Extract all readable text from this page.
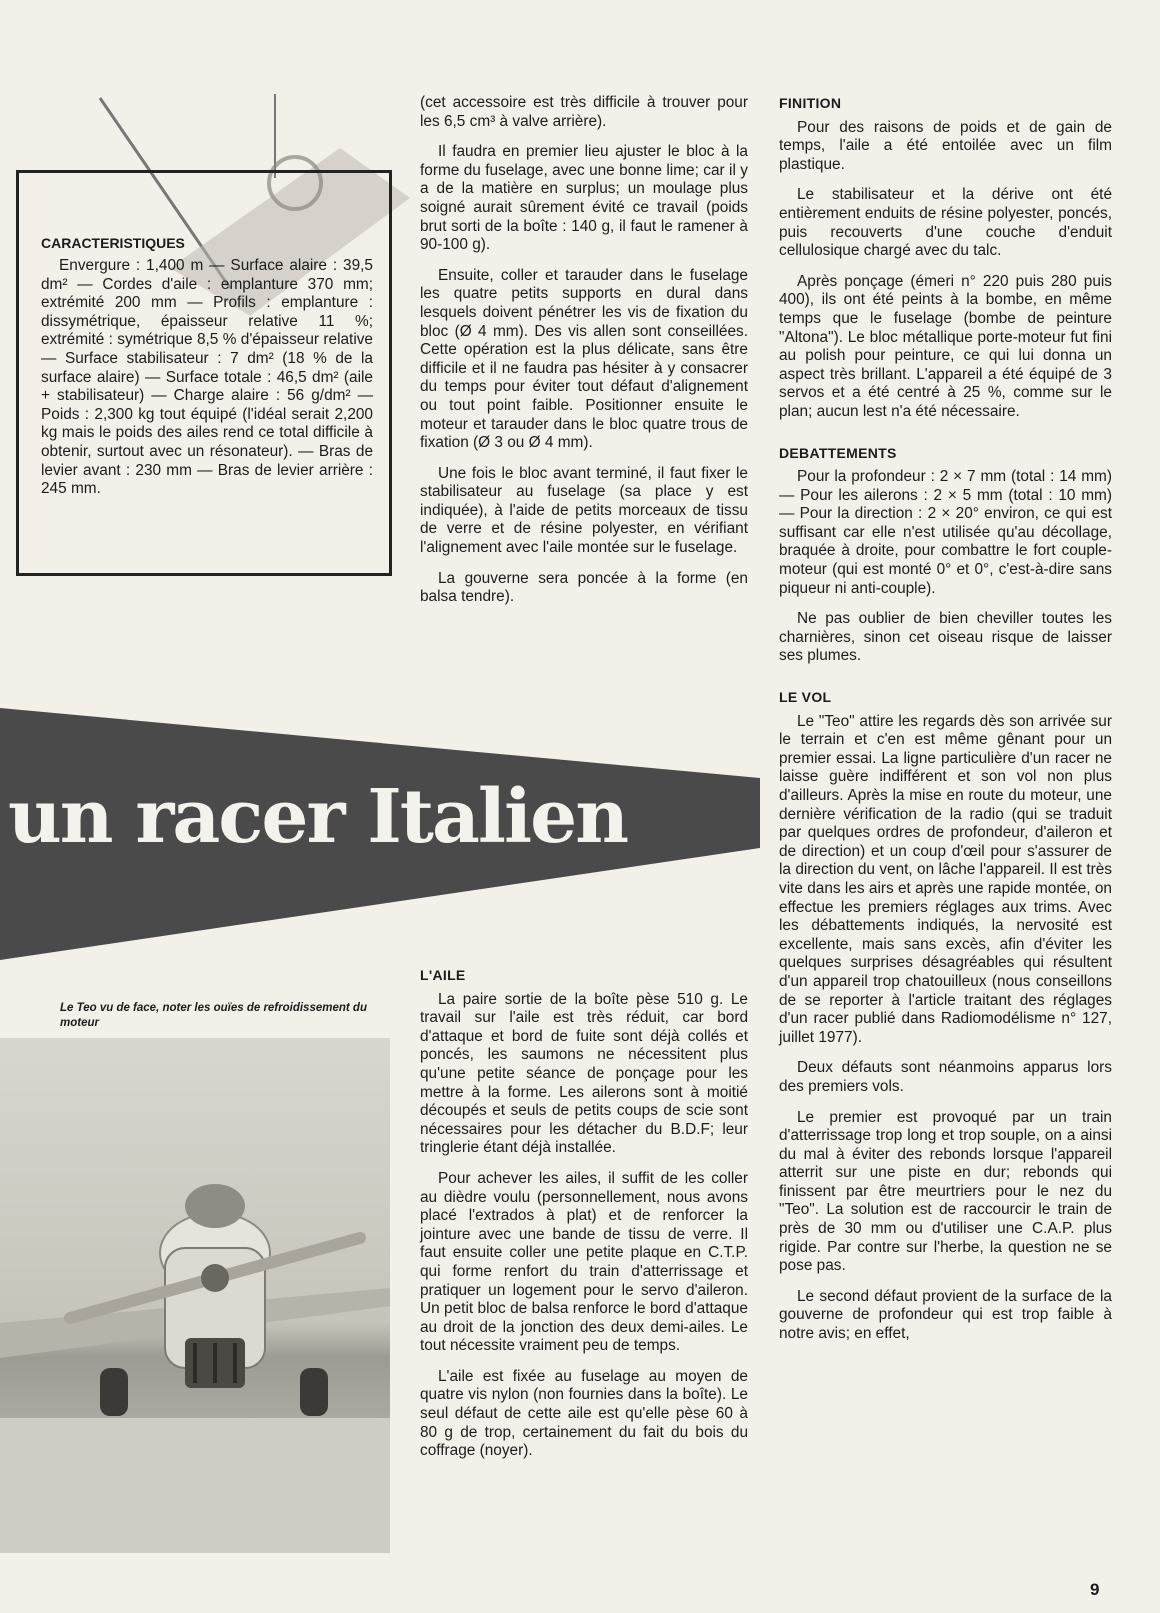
CARACTERISTIQUES

Envergure : 1,400 m — Surface alaire : 39,5 dm² — Cordes d'aile : emplanture 370 mm; extrémité 200 mm — Profils : emplanture : dissymétrique, épaisseur relative 11 %; extrémité : symétrique 8,5 % d'épaisseur relative — Surface stabilisateur : 7 dm² (18 % de la surface alaire) — Surface totale : 46,5 dm² (aile + stabilisateur) — Charge alaire : 56 g/dm² — Poids : 2,300 kg tout équipé (l'idéal serait 2,200 kg mais le poids des ailes rend ce total difficile à obtenir, surtout avec un résonateur). — Bras de levier avant : 230 mm — Bras de levier arrière : 245 mm.

(cet accessoire est très difficile à trouver pour les 6,5 cm³ à valve arrière).

Il faudra en premier lieu ajuster le bloc à la forme du fuselage, avec une bonne lime; car il y a de la matière en surplus; un moulage plus soigné aurait sûrement évité ce travail (poids brut sorti de la boîte : 140 g, il faut le ramener à 90-100 g).

Ensuite, coller et tarauder dans le fuselage les quatre petits supports en dural dans lesquels doivent pénétrer les vis de fixation du bloc (Ø 4 mm). Des vis allen sont conseillées. Cette opération est la plus délicate, sans être difficile et il ne faudra pas hésiter à y consacrer du temps pour éviter tout défaut d'alignement ou tout point faible. Positionner ensuite le moteur et tarauder dans le bloc quatre trous de fixation (Ø 3 ou Ø 4 mm).

Une fois le bloc avant terminé, il faut fixer le stabilisateur au fuselage (sa place y est indiquée), à l'aide de petits morceaux de tissu de verre et de résine polyester, en vérifiant l'alignement avec l'aile montée sur le fuselage.

La gouverne sera poncée à la forme (en balsa tendre).

un racer Italien
L'AILE

La paire sortie de la boîte pèse 510 g. Le travail sur l'aile est très réduit, car bord d'attaque et bord de fuite sont déjà collés et poncés, les saumons ne nécessitent plus qu'une petite séance de ponçage pour les mettre à la forme. Les ailerons sont à moitié découpés et seuls de petits coups de scie sont nécessaires pour les détacher du B.D.F; leur tringlerie étant déjà installée.

Pour achever les ailes, il suffit de les coller au dièdre voulu (personnellement, nous avons placé l'extrados à plat) et de renforcer la jointure avec une bande de tissu de verre. Il faut ensuite coller une petite plaque en C.T.P. qui forme renfort du train d'atterrissage et pratiquer un logement pour le servo d'aileron. Un petit bloc de balsa renforce le bord d'attaque au droit de la jonction des deux demi-ailes. Le tout nécessite vraiment peu de temps.

L'aile est fixée au fuselage au moyen de quatre vis nylon (non fournies dans la boîte). Le seul défaut de cette aile est qu'elle pèse 60 à 80 g de trop, certainement du fait du bois du coffrage (noyer).

FINITION

Pour des raisons de poids et de gain de temps, l'aile a été entoilée avec un film plastique.

Le stabilisateur et la dérive ont été entièrement enduits de résine polyester, poncés, puis recouverts d'une couche d'enduit cellulosique chargé avec du talc.

Après ponçage (émeri n° 220 puis 280 puis 400), ils ont été peints à la bombe, en même temps que le fuselage (bombe de peinture "Altona"). Le bloc métallique porte-moteur fut fini au polish pour peinture, ce qui lui donna un aspect très brillant. L'appareil a été équipé de 3 servos et a été centré à 25 %, comme sur le plan; aucun lest n'a été nécessaire.

DEBATTEMENTS

Pour la profondeur : 2 × 7 mm (total : 14 mm) — Pour les ailerons : 2 × 5 mm (total : 10 mm) — Pour la direction : 2 × 20° environ, ce qui est suffisant car elle n'est utilisée qu'au décollage, braquée à droite, pour combattre le fort couple-moteur (qui est monté 0° et 0°, c'est-à-dire sans piqueur ni anti-couple).

Ne pas oublier de bien cheviller toutes les charnières, sinon cet oiseau risque de laisser ses plumes.

LE VOL

Le "Teo" attire les regards dès son arrivée sur le terrain et c'en est même gênant pour un premier essai. La ligne particulière d'un racer ne laisse guère indifférent et son vol non plus d'ailleurs. Après la mise en route du moteur, une dernière vérification de la radio (qui se traduit par quelques ordres de profondeur, d'aileron et de direction) et un coup d'œil pour s'assurer de la direction du vent, on lâche l'appareil. Il est très vite dans les airs et après une rapide montée, on effectue les premiers réglages aux trims. Avec les débattements indiqués, la nervosité est excellente, mais sans excès, afin d'éviter les quelques surprises désagréables qui résultent d'un appareil trop chatouilleux (nous conseillons de se reporter à l'article traitant des réglages d'un racer publié dans Radiomodélisme n° 127, juillet 1977).

Deux défauts sont néanmoins apparus lors des premiers vols.

Le premier est provoqué par un train d'atterrissage trop long et trop souple, on a ainsi du mal à éviter des rebonds lorsque l'appareil atterrit sur une piste en dur; rebonds qui finissent par être meurtriers pour le nez du "Teo". La solution est de raccourcir le train de près de 30 mm ou d'utiliser une C.A.P. plus rigide. Par contre sur l'herbe, la question ne se pose pas.

Le second défaut provient de la surface de la gouverne de profondeur qui est trop faible à notre avis; en effet,

Le Teo vu de face, noter les ouïes de refroidissement du moteur
9
